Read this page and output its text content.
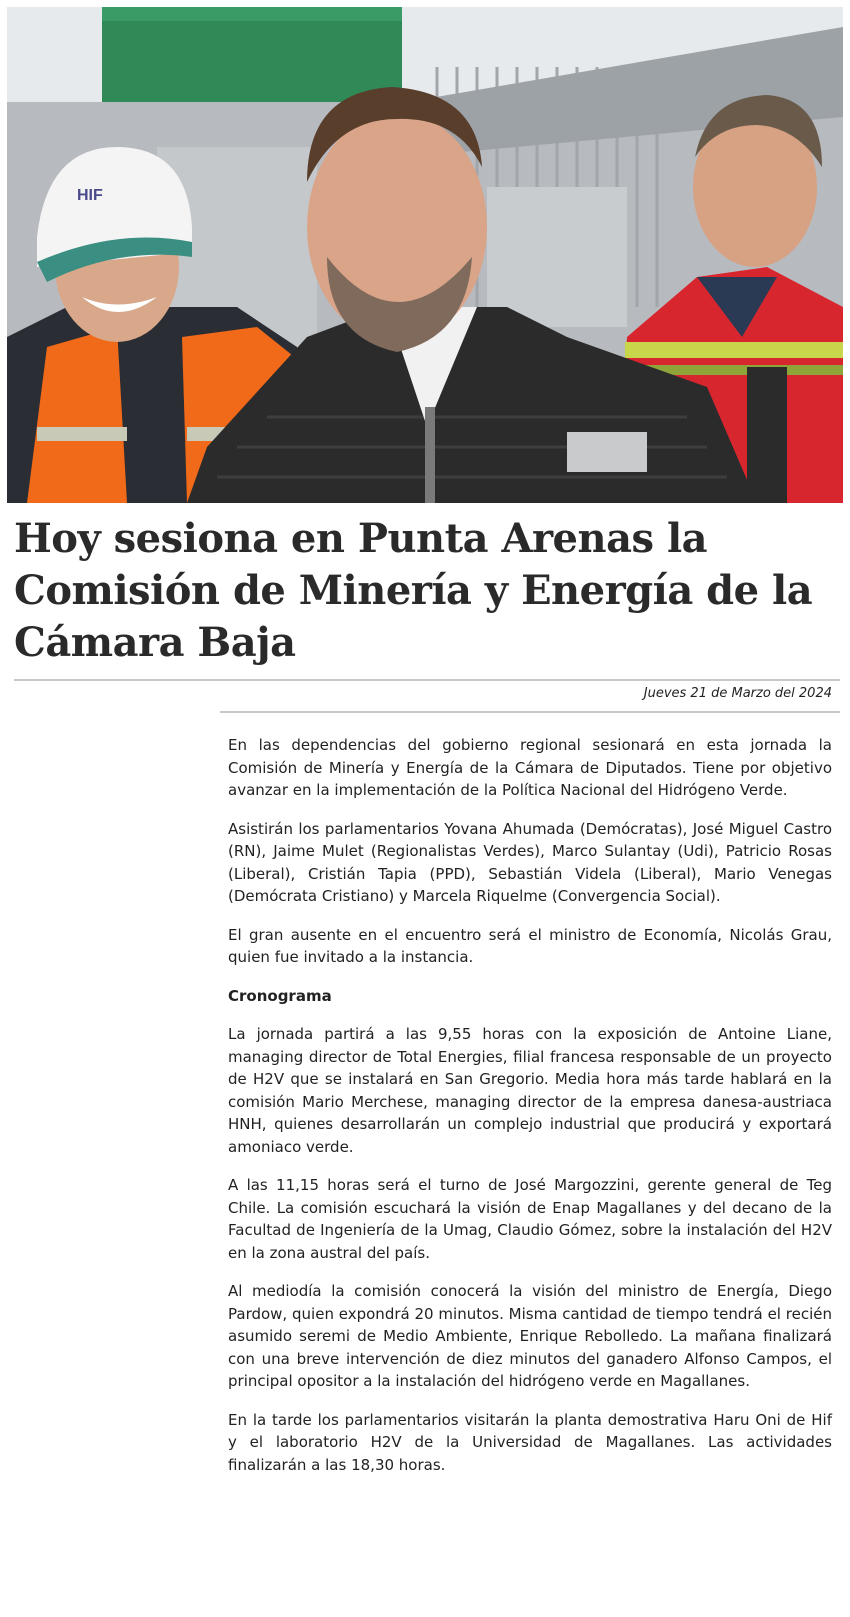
HIF
Hoy sesiona en Punta Arenas la Comisión de Minería y Energía de la Cámara Baja
Jueves 21 de Marzo del 2024

En las dependencias del gobierno regional sesionará en esta jornada la Comisión de Minería y Energía de la Cámara de Diputados. Tiene por objetivo avanzar en la implementación de la Política Nacional del Hidrógeno Verde.

Asistirán los parlamentarios Yovana Ahumada (Demócratas), José Miguel Castro (RN), Jaime Mulet (Regionalistas Verdes), Marco Sulantay (Udi), Patricio Rosas (Liberal), Cristián Tapia (PPD), Sebastián Videla (Liberal), Mario Venegas (Demócrata Cristiano) y Marcela Riquelme (Convergencia Social).

El gran ausente en el encuentro será el ministro de Economía, Nicolás Grau, quien fue invitado a la instancia.

Cronograma

La jornada partirá a las 9,55 horas con la exposición de Antoine Liane, managing director de Total Energies, filial francesa responsable de un proyecto de H2V que se instalará en San Gregorio. Media hora más tarde hablará en la comisión Mario Merchese, managing director de la empresa danesa-austriaca HNH, quienes desarrollarán un complejo industrial que producirá y exportará amoniaco verde.

A las 11,15 horas será el turno de José Margozzini, gerente general de Teg Chile. La comisión escuchará la visión de Enap Magallanes y del decano de la Facultad de Ingeniería de la Umag, Claudio Gómez, sobre la instalación del H2V en la zona austral del país.

Al mediodía la comisión conocerá la visión del ministro de Energía, Diego Pardow, quien expondrá 20 minutos. Misma cantidad de tiempo tendrá el recién asumido seremi de Medio Ambiente, Enrique Rebolledo. La mañana finalizará con una breve intervención de diez minutos del ganadero Alfonso Campos, el principal opositor a la instalación del hidrógeno verde en Magallanes.

En la tarde los parlamentarios visitarán la planta demostrativa Haru Oni de Hif y el laboratorio H2V de la Universidad de Magallanes. Las actividades finalizarán a las 18,30 horas.
